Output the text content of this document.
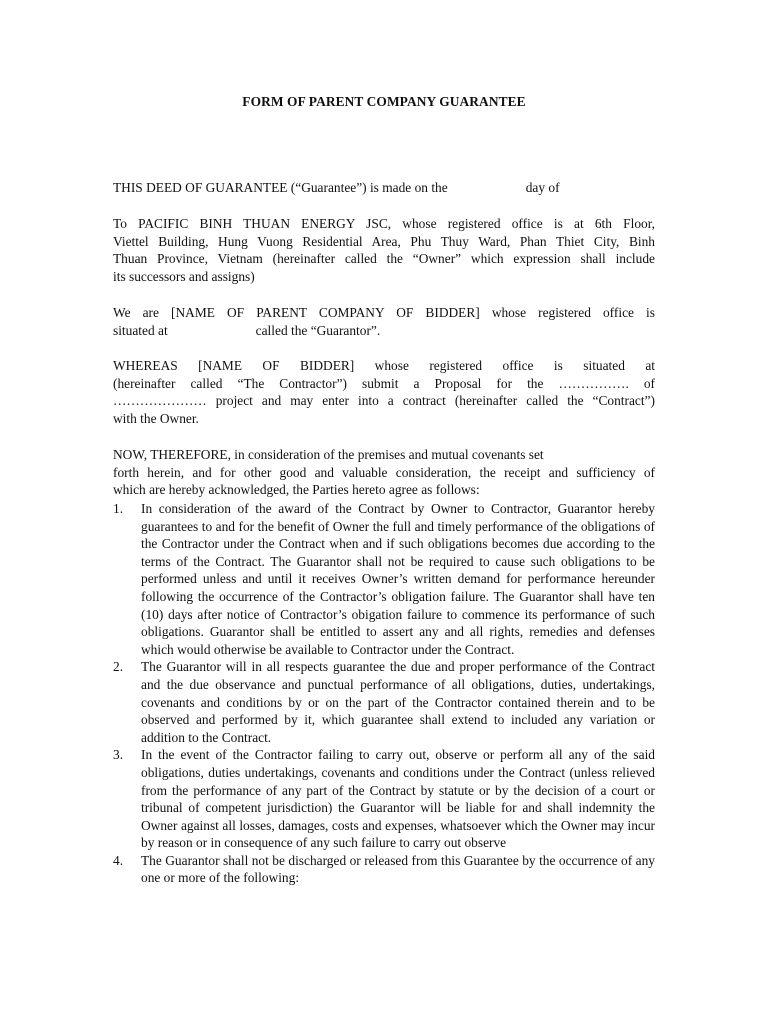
FORM OF PARENT COMPANY GUARANTEE
THIS DEED OF GUARANTEE (“Guarantee”) is made on the	day of
To PACIFIC BINH THUAN ENERGY JSC, whose registered office is at 6th Floor,
Viettel Building, Hung Vuong Residential Area, Phu Thuy Ward, Phan Thiet City, Binh
Thuan Province, Vietnam (hereinafter called the “Owner” which expression shall include
its successors and assigns)
We are [NAME OF PARENT COMPANY OF BIDDER] whose registered office is
situated at	called the “Guarantor”.
WHEREAS [NAME OF BIDDER] whose registered office is situated at
(hereinafter called “The Contractor”) submit a Proposal for the ……………. of
………………… project and may enter into a contract (hereinafter called the “Contract”)
with the Owner.
NOW, THEREFORE, in consideration of the premises and mutual covenants set
forth herein, and for other good and valuable consideration, the receipt and sufficiency of
which are hereby acknowledged, the Parties hereto agree as follows:
1. In consideration of the award of the Contract by Owner to Contractor, Guarantor hereby guarantees to and for the benefit of Owner the full and timely performance of the obligations of the Contractor under the Contract when and if such obligations becomes due according to the terms of the Contract. The Guarantor shall not be required to cause such obligations to be performed unless and until it receives Owner’s written demand for performance hereunder following the occurrence of the Contractor’s obligation failure. The Guarantor shall have ten (10) days after notice of Contractor’s obigation failure to commence its performance of such obligations. Guarantor shall be entitled to assert any and all rights, remedies and defenses which would otherwise be available to Contractor under the Contract.
2. The Guarantor will in all respects guarantee the due and proper performance of the Contract and the due observance and punctual performance of all obligations, duties, undertakings, covenants and conditions by or on the part of the Contractor contained therein and to be observed and performed by it, which guarantee shall extend to included any variation or addition to the Contract.
3. In the event of the Contractor failing to carry out, observe or perform all any of the said obligations, duties undertakings, covenants and conditions under the Contract (unless relieved from the performance of any part of the Contract by statute or by the decision of a court or tribunal of competent jurisdiction) the Guarantor will be liable for and shall indemnity the Owner against all losses, damages, costs and expenses, whatsoever which the Owner may incur by reason or in consequence of any such failure to carry out observe
4. The Guarantor shall not be discharged or released from this Guarantee by the occurrence of any one or more of the following:
